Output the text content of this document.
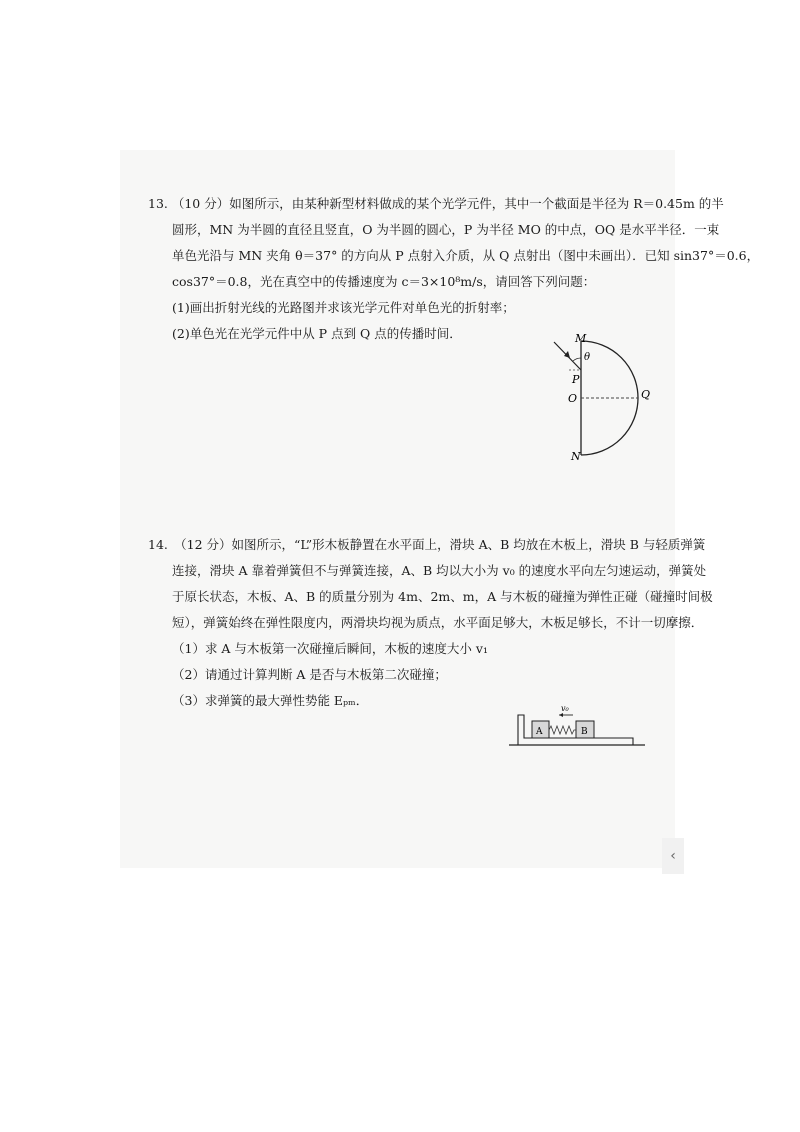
13. （10 分）如图所示，由某种新型材料做成的某个光学元件，其中一个截面是半径为 R＝0.45m 的半
圆形，MN 为半圆的直径且竖直，O 为半圆的圆心，P 为半径 MO 的中点，OQ 是水平半径．一束
单色光沿与 MN 夹角 θ＝37° 的方向从 P 点射入介质，从 Q 点射出（图中未画出）．已知 sin37°＝0.6，
cos37°＝0.8，光在真空中的传播速度为 c＝3×10⁸m/s，请回答下列问题：
(1)画出折射光线的光路图并求该光学元件对单色光的折射率；
(2)单色光在光学元件中从 P 点到 Q 点的传播时间．	M
θ
P
O	Q
N
14.　（12 分）如图所示，“L”形木板静置在水平面上，滑块 A、B 均放在木板上，滑块 B 与轻质弹簧
连接，滑块 A 靠着弹簧但不与弹簧连接，A、B 均以大小为 v₀ 的速度水平向左匀速运动，弹簧处
于原长状态，木板、A、B 的质量分别为 4m、2m、m，A 与木板的碰撞为弹性正碰（碰撞时间极
短），弹簧始终在弹性限度内，两滑块均视为质点，水平面足够大，木板足够长，不计一切摩擦．
（1）求 A 与木板第一次碰撞后瞬间，木板的速度大小 v₁
（2）请通过计算判断 A 是否与木板第二次碰撞；
（3）求弹簧的最大弹性势能 Eₚₘ．
A	B
v₀
‹
